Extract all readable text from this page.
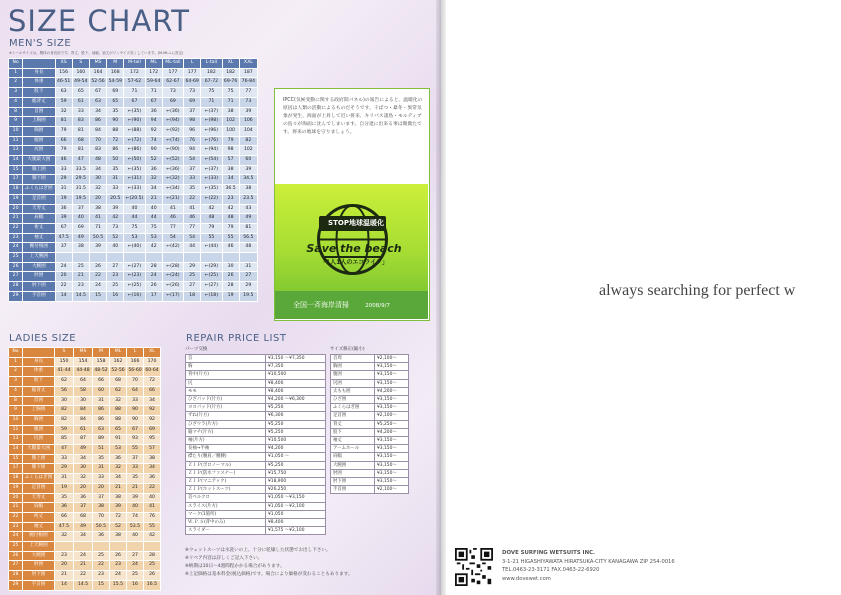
SIZE CHART
MEN'S SIZE
※トールサイズは、胴体の身長用です。背丈、股下、袖幅、袖丈がワンサイズ長くしています。(M-ML-Lに設定)
No		XS	S	MS	M	M-tall	ML	ML-tall	L	L-tall	XL	XXL
1	身長	156	160	164	168	172	172	177	177	182	182	187
2	体重	46-51	49-54	52-56	54-59	57-62	59-64	62-67	64-69	67-72	69-76	76-84
3	股下	63	65	67	69	71	71	73	73	75	75	77
4	総背丈	59	61	63	65	67	67	69	69	71	71	73
8	首囲	32	33	34	35	←(35)	36	←(36)	37	←(37)	38	39
9	上胸囲	81	83	86	90	←(90)	94	←(94)	98	←(98)	102	106
10	胸囲	79	81	84	88	←(88)	92	←(92)	96	←(96)	100	104
11	腹囲	66	68	70	72	←(72)	74	←(74)	76	←(76)	79	82
13	尻囲	79	81	83	86	←(86)	90	←(90)	94	←(94)	98	102
14	大腿最大囲	46	47	48	50	←(50)	52	←(52)	54	←(54)	57	60
15	膝上囲	33	33.5	34	35	←(35)	36	←(36)	37	←(37)	38	39
17	膝下囲	29	29.5	30	31	←(31)	32	←(32)	33	←(33)	34	34.5
18	ふくらはぎ囲	31	31.5	32	33	←(33)	34	←(34)	35	←(35)	36.5	38
19	足首囲	19	19.5	20	20.5	←(20.5)	21	←(21)	22	←(22)	23	23.5
20	天寿丈	36	37	38	39	40	40	41	41	42	42	43
21	肩幅	39	40	41	42	44	44	46	46	48	48	49
22	裄丈	67	69	71	73	75	75	77	77	79	79	81
23	袖丈	47.5	49	50.5	52	53	53	54	54	55	55	56.5
24	腕付根囲	37	38	39	40	←(40)	42	←(42)	44	←(44)	46	48
25	上天腕囲											
26	大腕囲	24	25	26	27	←(27)	28	←(28)	29	←(29)	30	31
27	肘囲	20	21	22	23	←(23)	24	←(24)	25	←(25)	26	27
28	肘下囲	22	23	24	25	←(25)	26	←(26)	27	←(27)	28	29
29	手首囲	14	14.5	15	16	←(16)	17	←(17)	18	←(18)	19	19.5
LADIES SIZE
No		S	MS	M	ML	L	XL
1	身長	150	154	158	162	166	170
2	体重	41-44	44-48	48-52	52-56	56-60	60-64
3	股下	62	64	66	68	70	72
4	総背丈	56	58	60	62	64	66
8	首囲	30	30	31	32	33	34
9	上胸囲	82	84	86	88	90	92
10	胸囲	82	84	86	88	90	92
11	腹囲	59	61	63	65	67	69
13	尻囲	85	87	89	91	93	95
14	大腿最大囲	47	49	51	53	55	57
15	膝上囲	33	34	35	36	37	38
17	膝下囲	29	30	31	32	33	34
18	ふくらはぎ囲	31	32	33	34	35	36
19	足首囲	19	20	20	21	21	22
20	天寿丈	35	36	37	38	39	40
21	肩幅	36	37	38	39	40	41
22	裄丈	66	68	70	72	74	76
23	袖丈	47.5	49	50.5	52	53.5	55
24	腕付根囲	32	34	36	38	40	42
25	上天腕囲						
26	大腕囲	23	24	25	26	27	28
27	肘囲	20	21	22	23	24	25
28	肘下囲	21	22	23	24	25	26
29	手首囲	14	14.5	15	15.5	16	16.5
IPCC(気候変動に関する政府間パネル)の報告によると、温暖化の原因は人類の活動によるものだそうです。干ばつ・暴冬・異常気象が発生、海面が上昇して近い将来、キリバス諸島・モルディブの島々が海面に沈んでしまいます。自分達に出来る事は微微たです。将来の地球を守りましょう。
STOP地球温暖化
Save the beach
「1人1人のエコライフ」
全国一斉海岸清掃	2008/9/7
REPAIR PRICE LIST
パーツ交換
首	¥3,150 ～¥7,350
胸	¥7,350
背中(片方)	¥10,500
尻	¥8,400
モモ	¥8,400
ひざパッド(片方)	¥4,200 ～¥6,300
ヨヨパッド(片方)	¥5,250
ずね(片方)	¥6,300
ひざウラ(片方)	¥5,250
脇マチ(片方)	¥5,250
袖(片方)	¥10,500
長袖→半袖	¥4,200
襟たり(腰肩／腰腰)	¥1,050 ～
ＺＩＰ(ボロノーマル)	¥5,250
ＺＩＰ(防水ファスナー)	¥15,750
ＺＩＰ(マニアック)	¥18,900
ＺＩＰ(ホットスーツ)	¥26,250
首ベルクロ	¥1,050 ～¥3,150
スライス(片方)	¥1,050 ～¥2,100
マーク(1箇所)	¥1,050
Ｗ.Ｐ.Ｓ(背中のみ)	¥8,400
スライダー	¥1,575 ～¥2,100
サイズ修正(縮小)
首周	¥2,100～
胸囲	¥3,150～
腹囲	¥3,150～
尻囲	¥3,150～
太もも囲	¥4,200～
ひざ囲	¥3,150～
ふくらはぎ囲	¥3,150～
足首囲	¥2,100～
背丈	¥5,250～
股下	¥4,200～
袖丈	¥3,150～
アームホール	¥3,150～
肩幅	¥3,150～
大腕囲	¥3,150～
肘囲	¥3,150～
肘下囲	¥3,150～
手首囲	¥2,100～
※ウェットスーツは水洗いの上、十分に乾燥した状態でお出し下さい。
※リペア内容は詳しくご記入下さい。
※納期は10日〜4週間程かかる場合があります。
※上記価格は基本料金(税込価格)です。場合により価格が変わることもあります。
always searching for perfect w
DOVE SURFING WETSUITS INC.
3-1-21 HIGASHIYAWATA HIRATSUKA-CITY KANAGAWA ZIP 254-0016
TEL.0463-23-3171 FAX.0463-22-6920
www.dovewet.com
